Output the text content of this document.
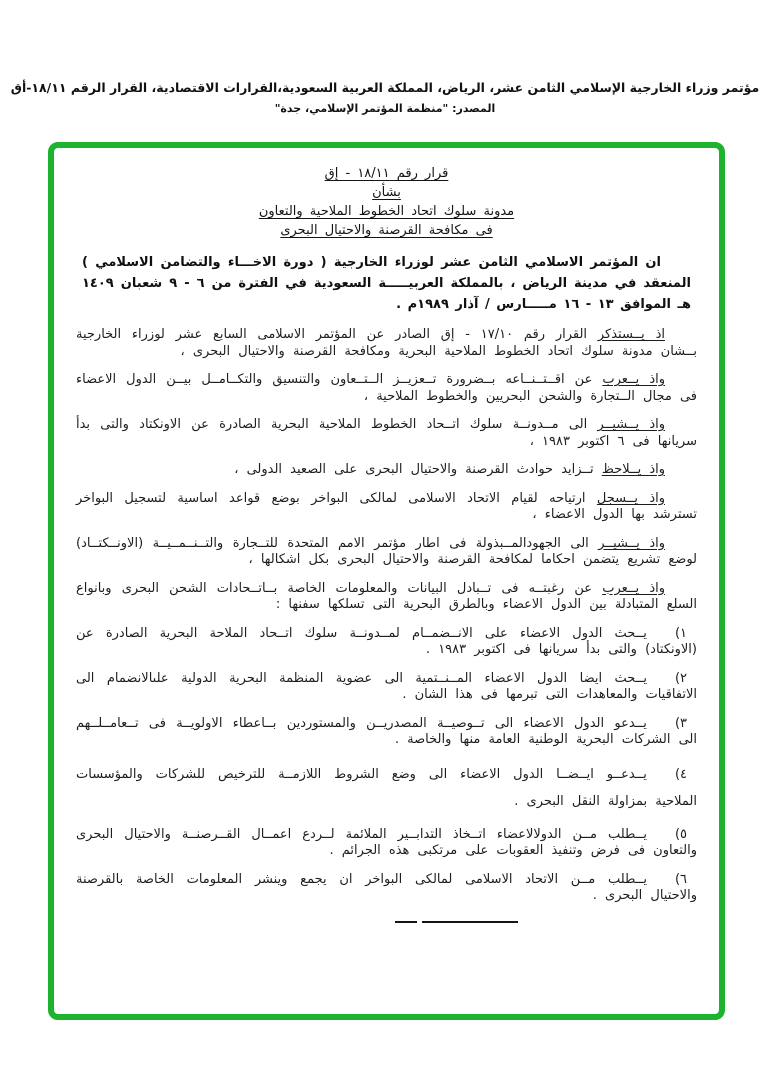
مؤتمر وزراء الخارجية الإسلامي الثامن عشر، الرياض، المملكة العربية السعودية،القرارات الاقتصادية، القرار الرقم ١٨/١١-أق
المصدر: "منظمة المؤتمر الإسلامي، جدة"
قرار رقم ١٨/١١ - إق
بشأن
مدونة سلوك اتحاد الخطوط الملاحية والتعاون
فى مكافحة القرصنة والاحتيال البحرى

ان المؤتمر الاسلامي الثامن عشر لوزراء الخارجية ( دورة الاخـــاء والتضامن الاسلامي ) المنعقد في مدينة الرياض ، بالمملكة العربيـــــة السعودية في الفترة من ٦ - ٩ شعبان ١٤٠٩ هـ الموافق ١٣ - ١٦ مـــــارس / آذار ١٩٨٩م .

اذ يــستذكر القرار رقم ١٧/١٠ - إق الصادر عن المؤتمر الاسلامى السابع عشر لوزراء الخارجية بــشان مدونة سلوك اتحاد الخطوط الملاحية البحرية ومكافحة القرصنة والاحتيال البحرى ،

واذ يــعرب عن اقــتــنــاعه بــضرورة تــعزيــز الــتــعاون والتنسيق والتكــامــل بيــن الدول الاعضاء فى مجال الــتجارة والشحن البحريين والخطوط الملاحية ،

واذ يــشيــر الى مــدونــة سلوك اتــحاد الخطوط الملاحية البحرية الصادرة عن الاونكتاد والتى بدأ سريانها فى ٦ اكتوبر ١٩٨٣ ،

واذ يــلاحظ تــزايد حوادث القرصنة والاحتيال البحرى على الصعيد الدولى ،

واذ يــسجل ارتياحه لقيام الاتحاد الاسلامى لمالكى البواخر بوضع قواعد اساسية لتسجيل البواخر تسترشد بها الدول الاعضاء ،

واذ يــشيــر الى الجهودالمــبذولة فى اطار مؤتمر الامم المتحدة للتــجارة والتــنــمــيــة (الاونــكتــاد) لوضع تشريع يتضمن احكاما لمكافحة القرصنة والاحتيال البحرى بكل اشكالها ،

واذ يــعرب عن رغبتــه فى تــبادل البيانات والمعلومات الخاصة بــاتــحادات الشحن البحرى وبانواع السلع المتبادلة بين الدول الاعضاء وبالطرق البحرية التى تسلكها سفنها :

١)يــحث الدول الاعضاء على الانــضمــام لمــدونــة سلوك اتــحاد الملاحة البحرية الصادرة عن (الاونكتاد) والتى بدأ سريانها فى اكتوبر ١٩٨٣ .

٢)يــحث ايضا الدول الاعضاء المــنــتمية الى عضوية المنظمة البحرية الدولية علىالانضمام الى الاتفاقيات والمعاهدات التى تبرمها فى هذا الشان .

٣)يــدعو الدول الاعضاء الى تــوصيــة المصدريــن والمستوردين بــاعطاء الاولويــة فى تــعامــلــهم الى الشركات البحرية الوطنية العامة منها والخاصة .

٤)يــدعــو ايــضــا الدول الاعضاء الى وضع الشروط اللازمــة للترخيص للشركات والمؤسسات الملاحية بمزاولة النقل البحرى .

٥)يــطلب مــن الدولالاعضاء اتــخاذ التدابــير الملائمة لــردع اعمــال القــرصنــة والاحتيال البحرى والتعاون فى فرض وتنفيذ العقوبات على مرتكبى هذه الجرائم .

٦)يــطلب مــن الاتحاد الاسلامى لمالكى البواخر ان يجمع وينشر المعلومات الخاصة بالقرصنة والاحتيال البحرى .
